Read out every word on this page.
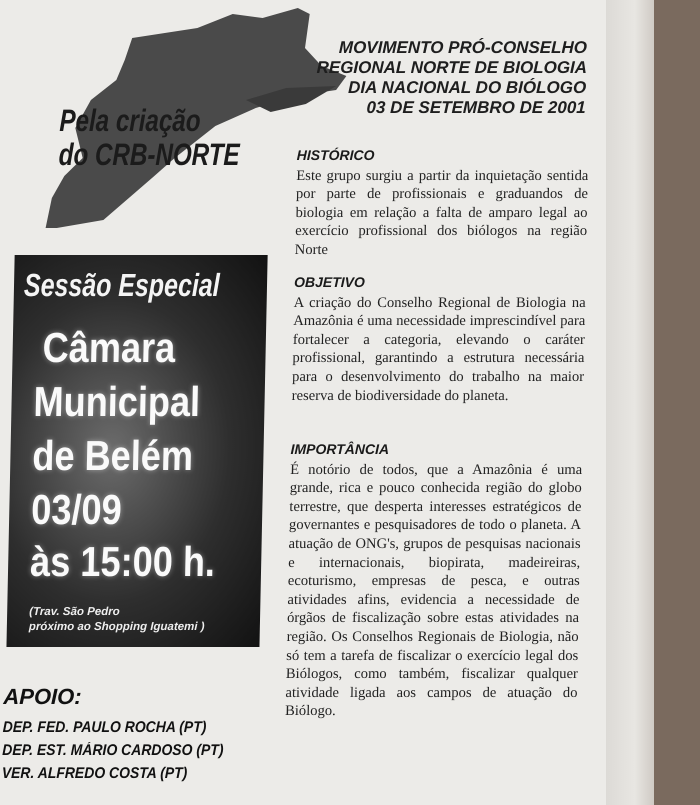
Pela criação
do CRB-NORTE
MOVIMENTO PRÓ-CONSELHO
REGIONAL NORTE DE BIOLOGIA
DIA NACIONAL DO BIÓLOGO
03 DE SETEMBRO DE 2001
HISTÓRICO
Este grupo surgiu a partir da inquietação sentida por parte de profissionais e graduandos de biologia em relação a falta de amparo legal ao exercício profissional dos biólogos na região Norte
OBJETIVO
A criação do Conselho Regional de Biologia na Amazônia é uma necessidade imprescindível para fortalecer a categoria, elevando o caráter profissional, garantindo a estrutura necessária para o desenvolvimento do trabalho na maior reserva de biodiversidade do planeta.
IMPORTÂNCIA
É notório de todos, que a Amazônia é uma grande, rica e pouco conhecida região do globo terrestre, que desperta interesses estratégicos de governantes e pesquisadores de todo o planeta. A atuação de ONG's, grupos de pesquisas nacionais e internacionais, biopirata, madeireiras, ecoturismo, empresas de pesca, e outras atividades afins, evidencia a necessidade de órgãos de fiscalização sobre estas atividades na região. Os Conselhos Regionais de Biologia, não só tem a tarefa de fiscalizar o exercício legal dos Biólogos, como também, fiscalizar qualquer atividade ligada aos campos de atuação do Biólogo.
Sessão Especial
Câmara
Municipal
de Belém
03/09
às 15:00 h.
(Trav. São Pedro
próximo ao Shopping Iguatemi )
APOIO:
DEP. FED. PAULO ROCHA (PT)
DEP. EST. MÁRIO CARDOSO (PT)
VER. ALFREDO COSTA (PT)
